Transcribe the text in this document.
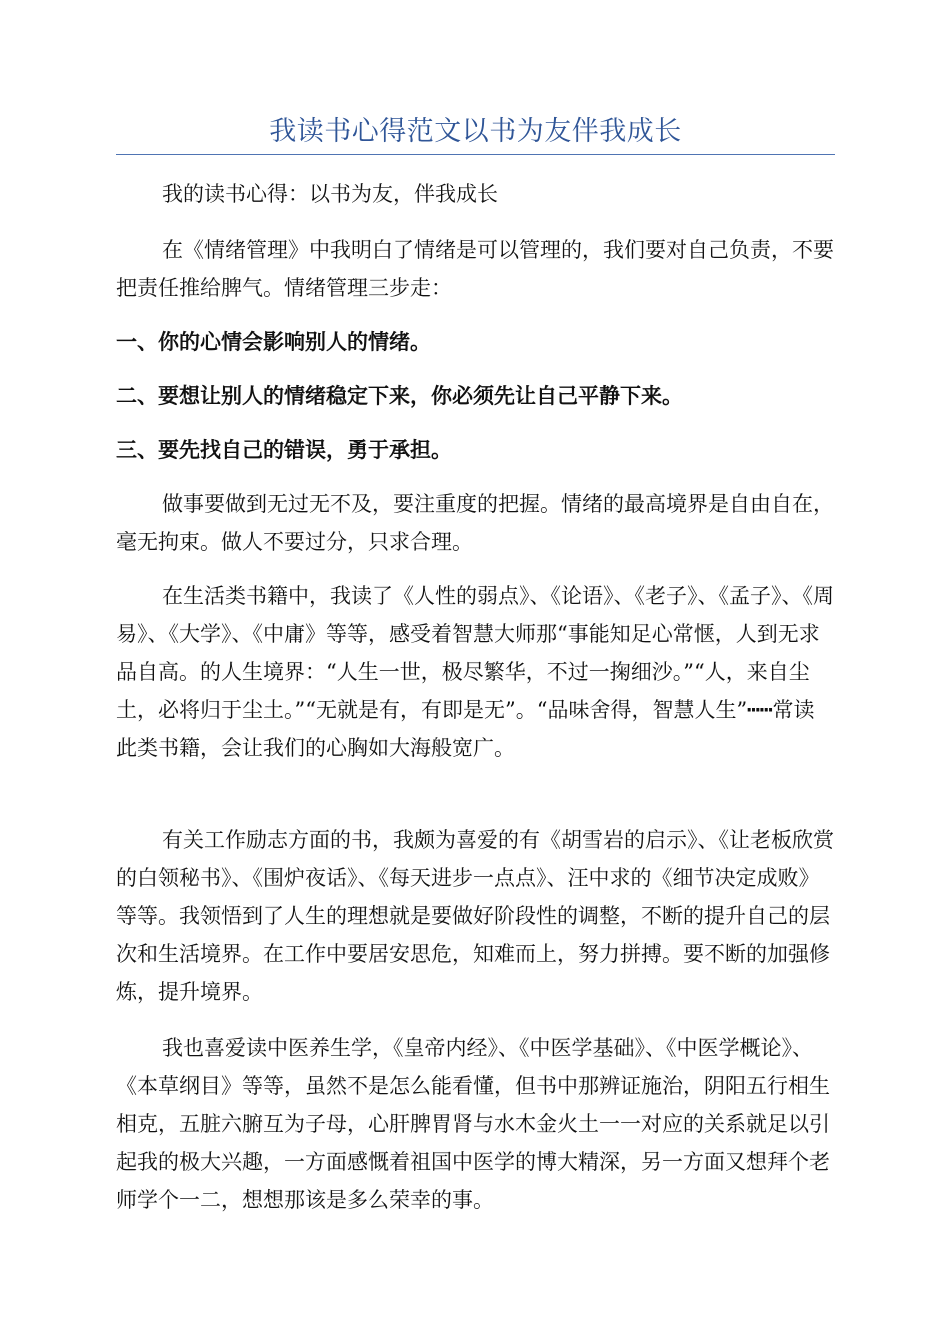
我读书心得范文以书为友伴我成长

我的读书心得：以书为友，伴我成长

在《情绪管理》中我明白了情绪是可以管理的，我们要对自己负责，不要把责任推给脾气。情绪管理三步走：

一、你的心情会影响别人的情绪。

二、要想让别人的情绪稳定下来，你必须先让自己平静下来。

三、要先找自己的错误，勇于承担。

做事要做到无过无不及，要注重度的把握。情绪的最高境界是自由自在，毫无拘束。做人不要过分，只求合理。

在生活类书籍中，我读了《人性的弱点》、《论语》、《老子》、《孟子》、《周易》、《大学》、《中庸》等等，感受着智慧大师那“事能知足心常惬，人到无求品自高。的人生境界：“人生一世，极尽繁华，不过一掬细沙。”“人，来自尘土，必将归于尘土。”“无就是有，有即是无”。“品味舍得，智慧人生”┅┅常读此类书籍，会让我们的心胸如大海般宽广。

有关工作励志方面的书，我颇为喜爱的有《胡雪岩的启示》、《让老板欣赏的白领秘书》、《围炉夜话》、《每天进步一点点》、汪中求的《细节决定成败》等等。我领悟到了人生的理想就是要做好阶段性的调整，不断的提升自己的层次和生活境界。在工作中要居安思危，知难而上，努力拼搏。要不断的加强修炼，提升境界。

我也喜爱读中医养生学，《皇帝内经》、《中医学基础》、《中医学概论》、《本草纲目》等等，虽然不是怎么能看懂，但书中那辨证施治，阴阳五行相生相克，五脏六腑互为子母，心肝脾胃肾与水木金火土一一对应的关系就足以引起我的极大兴趣，一方面感慨着祖国中医学的博大精深，另一方面又想拜个老师学个一二，想想那该是多么荣幸的事。
